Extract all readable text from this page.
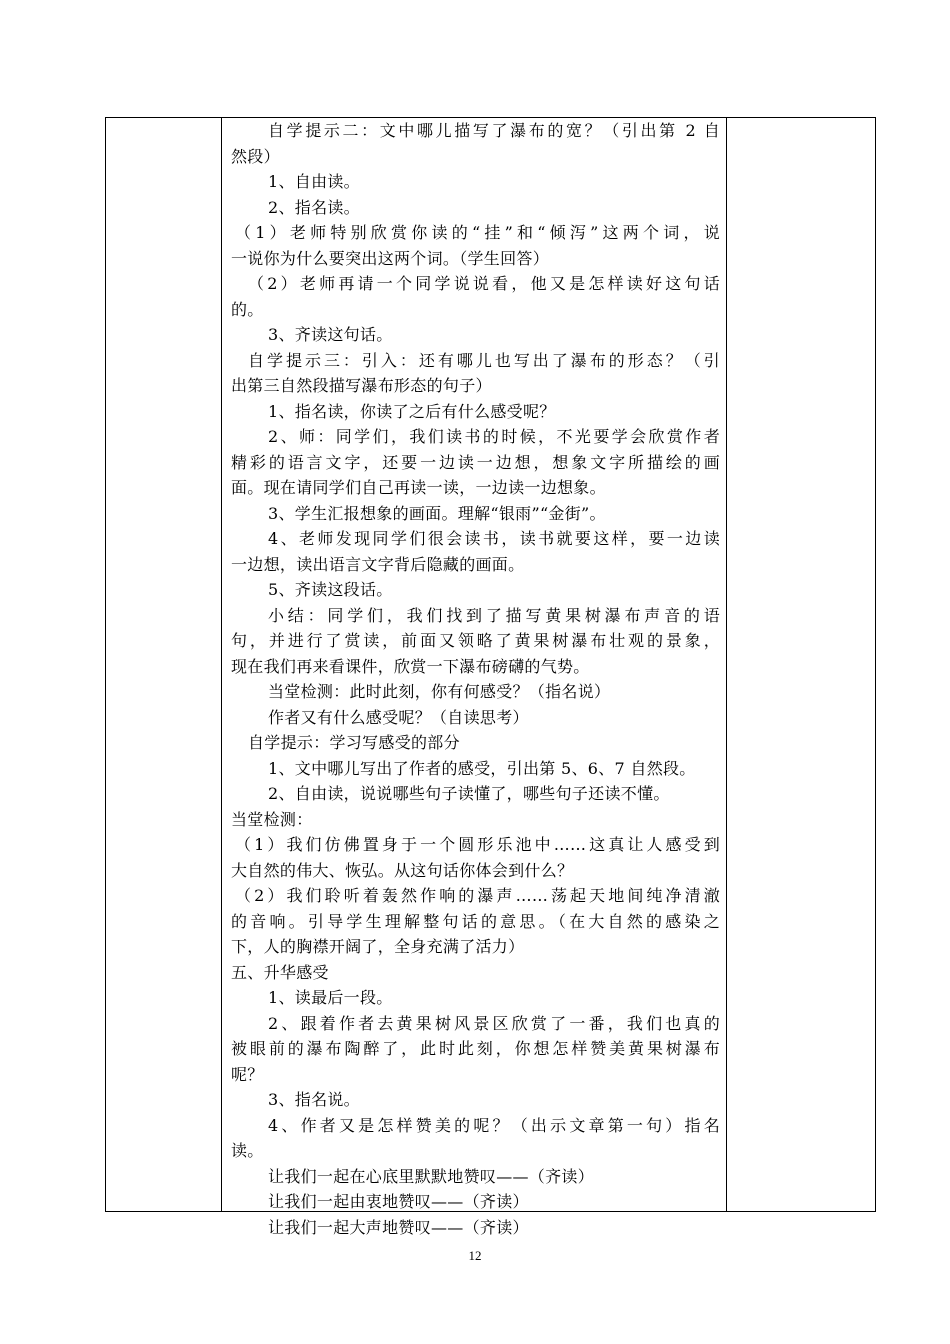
自学提示二：文中哪儿描写了瀑布的宽？（引出第 2 自
然段）
1、自由读。
2、指名读。
（1）老师特别欣赏你读的“挂”和“倾泻”这两个词，说
一说你为什么要突出这两个词。（学生回答）
（2）老师再请一个同学说说看，他又是怎样读好这句话
的。
3、齐读这句话。
自学提示三：引入：还有哪儿也写出了瀑布的形态？（引
出第三自然段描写瀑布形态的句子）
1、指名读，你读了之后有什么感受呢？
2、师：同学们，我们读书的时候，不光要学会欣赏作者
精彩的语言文字，还要一边读一边想，想象文字所描绘的画
面。现在请同学们自己再读一读，一边读一边想象。
3、学生汇报想象的画面。理解“银雨”“金街”。
4、老师发现同学们很会读书，读书就要这样，要一边读
一边想，读出语言文字背后隐藏的画面。
5、齐读这段话。
小结：同学们，我们找到了描写黄果树瀑布声音的语
句，并进行了赏读，前面又领略了黄果树瀑布壮观的景象，
现在我们再来看课件，欣赏一下瀑布磅礴的气势。
当堂检测：此时此刻，你有何感受？（指名说）
作者又有什么感受呢？（自读思考）
自学提示：学习写感受的部分
1、文中哪儿写出了作者的感受，引出第 5、6、7 自然段。
2、自由读，说说哪些句子读懂了，哪些句子还读不懂。
当堂检测：
（1）我们仿佛置身于一个圆形乐池中……这真让人感受到
大自然的伟大、恢弘。从这句话你体会到什么？
（2）我们聆听着轰然作响的瀑声……荡起天地间纯净清澈
的音响。引导学生理解整句话的意思。（在大自然的感染之
下，人的胸襟开阔了，全身充满了活力）
五、升华感受
1、读最后一段。
2、跟着作者去黄果树风景区欣赏了一番，我们也真的
被眼前的瀑布陶醉了，此时此刻，你想怎样赞美黄果树瀑布
呢？
3、指名说。
4、作者又是怎样赞美的呢？（出示文章第一句）指名
读。
让我们一起在心底里默默地赞叹——（齐读）
让我们一起由衷地赞叹——（齐读）
让我们一起大声地赞叹——（齐读）
12
